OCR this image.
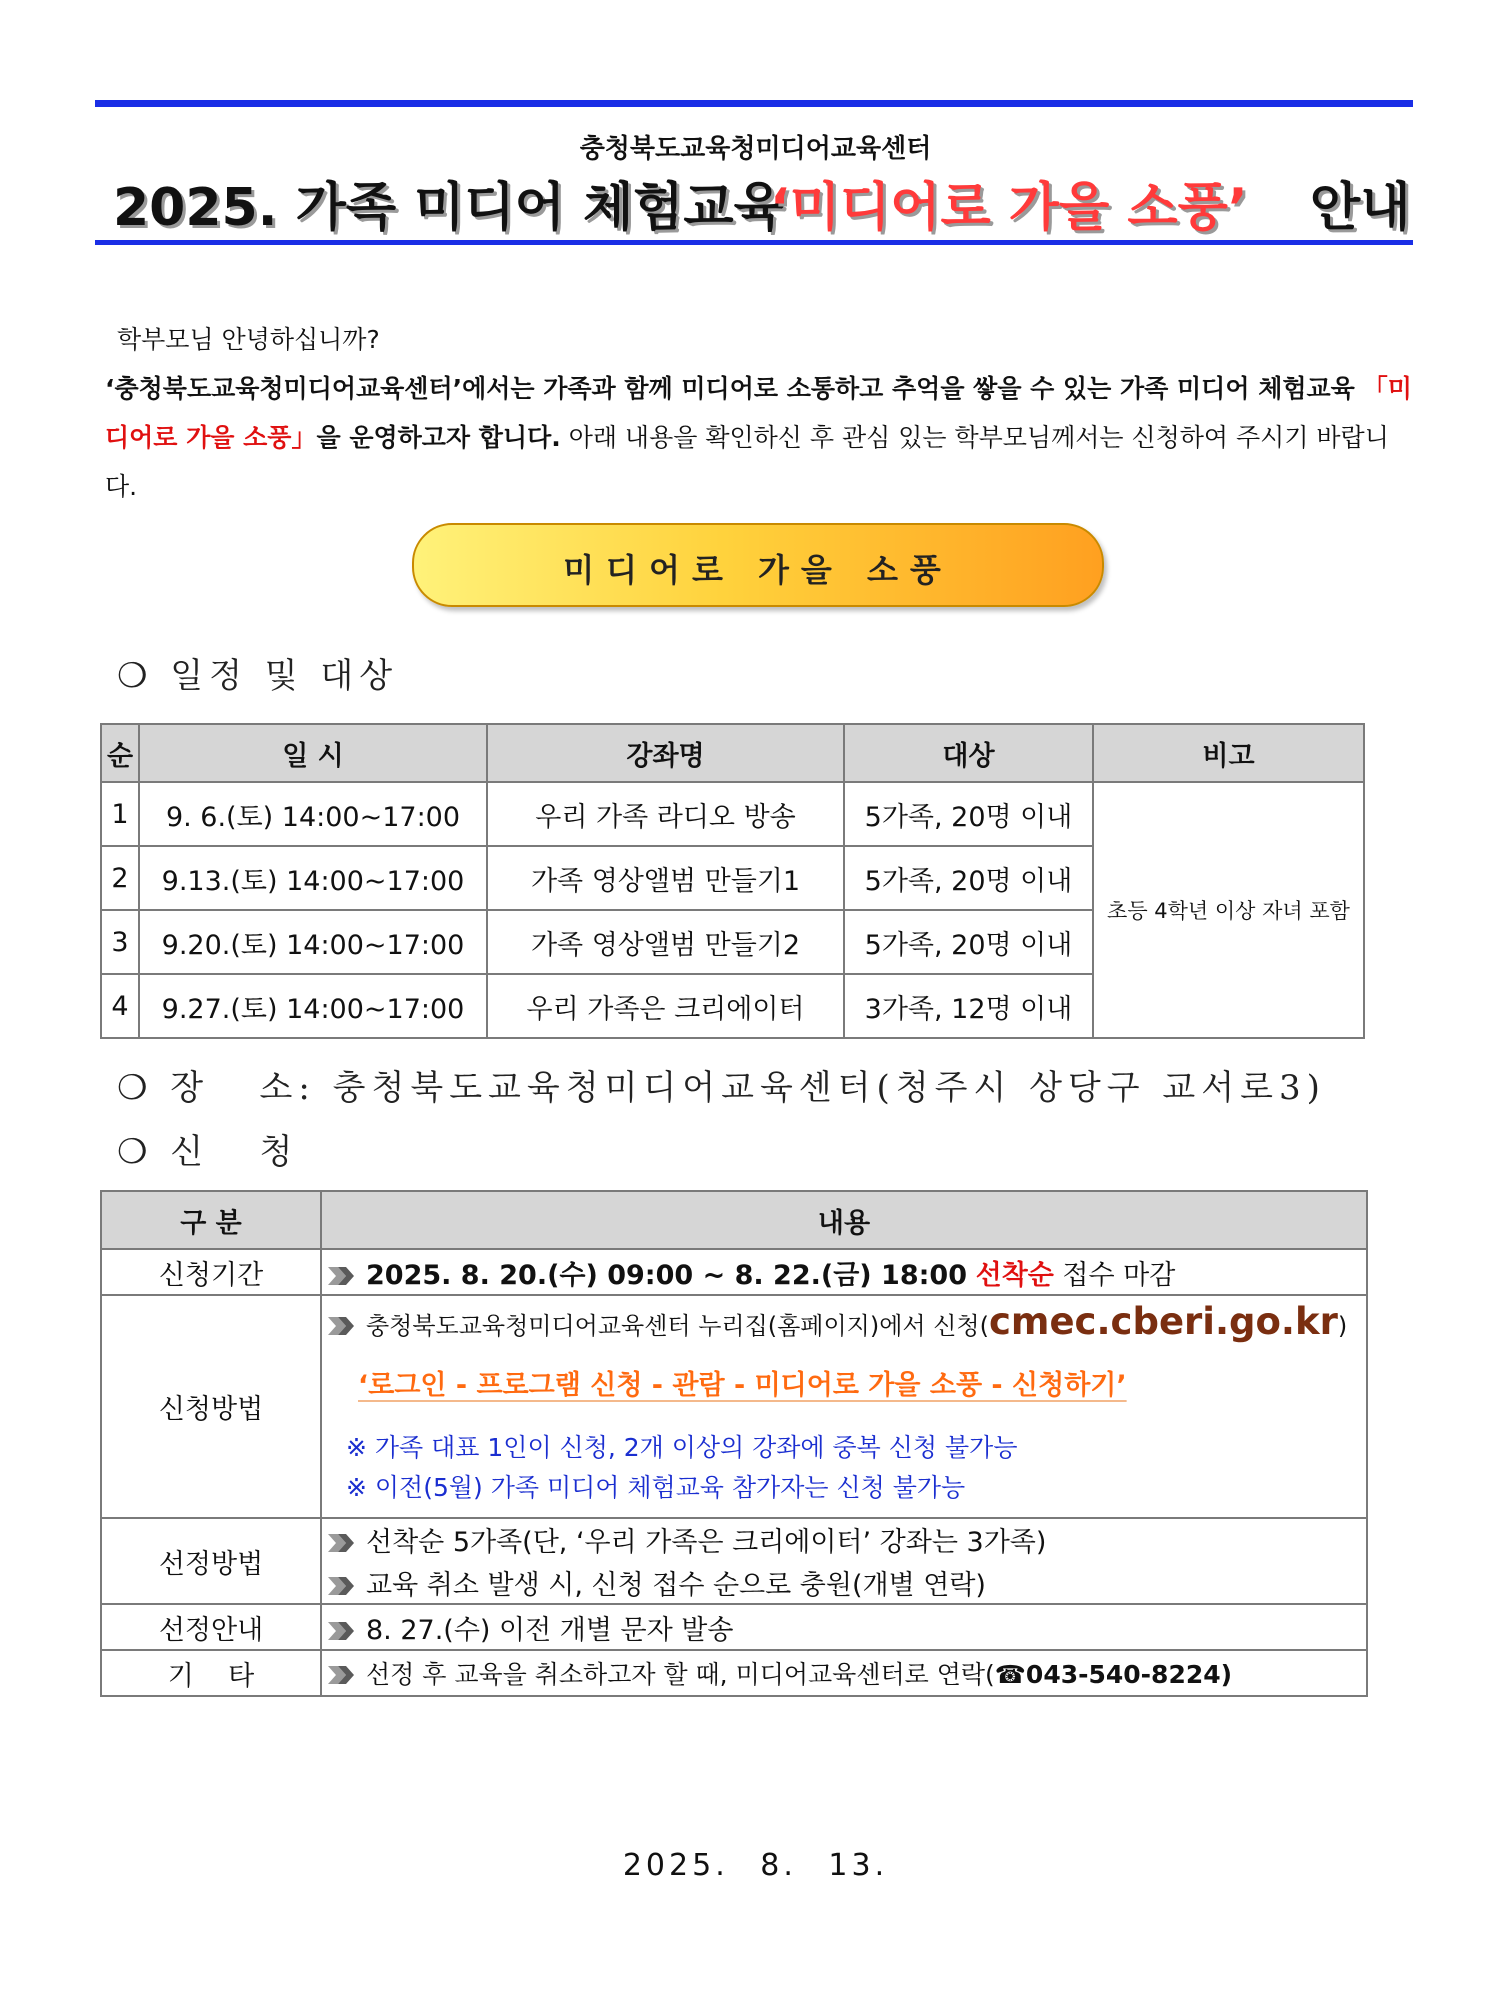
충청북도교육청미디어교육센터
2025. 가족 미디어 체험교육
‘미디어로 가을 소풍’ 안내
학부모님 안녕하십니까?

‘충청북도교육청미디어교육센터’에서는 가족과 함께 미디어로 소통하고 추억을 쌓을 수 있는 가족 미디어 체험교육 「미디어로 가을 소풍」을 운영하고자 합니다. 아래 내용을 확인하신 후 관심 있는 학부모님께서는 신청하여 주시기 바랍니다.

미디어로 가을 소풍
❍ 일정 및 대상
순	일 시	강좌명	대상	비고
1	9. 6.(토) 14:00~17:00	우리 가족 라디오 방송	5가족, 20명 이내	초등 4학년 이상 자녀 포함
2	9.13.(토) 14:00~17:00	가족 영상앨범 만들기1	5가족, 20명 이내	
3	9.20.(토) 14:00~17:00	가족 영상앨범 만들기2	5가족, 20명 이내	
4	9.27.(토) 14:00~17:00	우리 가족은 크리에이터	3가족, 12명 이내	
❍ 장   소: 충청북도교육청미디어교육센터(청주시 상당구 교서로3)
❍ 신   청
구 분	내용
신청기간	2025. 8. 20.(수) 09:00 ~ 8. 22.(금) 18:00 선착순 접수 마감
신청방법	충청북도교육청미디어교육센터 누리집(홈페이지)에서 신청(cmec.cberi.go.kr)
‘로그인 - 프로그램 신청 - 관람 - 미디어로 가을 소풍 - 신청하기’
※ 가족 대표 1인이 신청, 2개 이상의 강좌에 중복 신청 불가능
※ 이전(5월) 가족 미디어 체험교육 참가자는 신청 불가능

선정방법	선착순 5가족(단, ‘우리 가족은 크리에이터’ 강좌는 3가족)
교육 취소 발생 시, 신청 접수 순으로 충원(개별 연락)

선정안내	8. 27.(수) 이전 개별 문자 발송
기    타	선정 후 교육을 취소하고자 할 때, 미디어교육센터로 연락(☎043-540-8224)
2025. 8. 13.
